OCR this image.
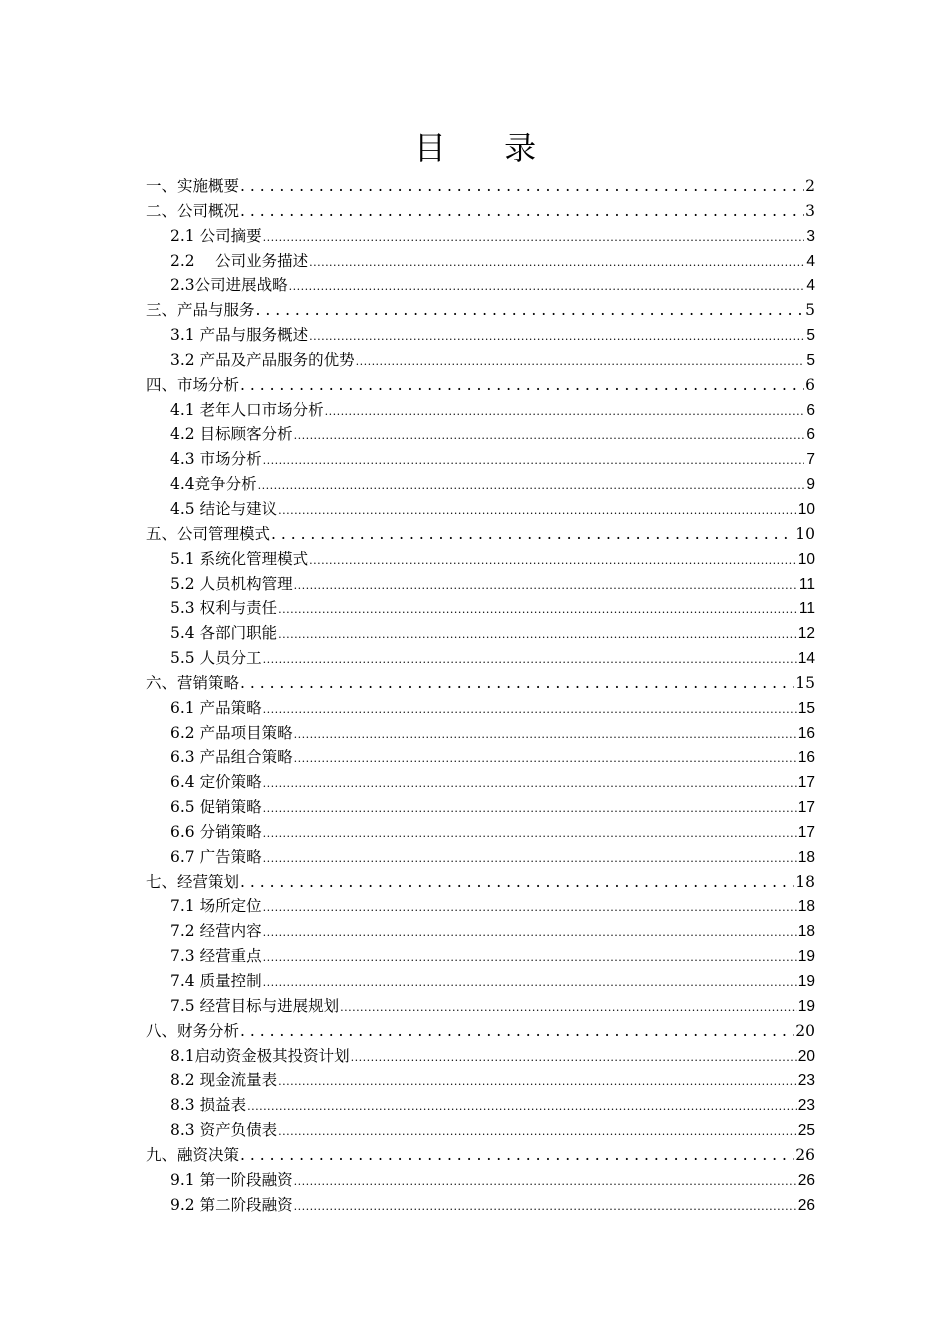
目 录
一、实施概要 . . .	2
二、公司概况 . . .	3
2.1 公司摘要 .....	3
2.2 　公司业务描述 .....	4
2.3公司进展战略 .....	4
三、产品与服务 . . .	5
3.1 产品与服务概述 .....	5
3.2 产品及产品服务的优势 .....	5
四、市场分析 . . .	6
4.1 老年人口市场分析 .....	6
4.2 目标顾客分析 .....	6
4.3 市场分析 .....	7
4.4竞争分析 .....	9
4.5 结论与建议 .....	10
五、公司管理模式 . . .	10
5.1 系统化管理模式 .....	10
5.2 人员机构管理 .....	11
5.3 权利与责任 .....	11
5.4 各部门职能 .....	12
5.5 人员分工 .....	14
六、营销策略 . . .	15
6.1 产品策略 .....	15
6.2 产品项目策略 .....	16
6.3 产品组合策略 .....	16
6.4 定价策略 .....	17
6.5 促销策略 .....	17
6.6 分销策略 .....	17
6.7 广告策略 .....	18
七、经营策划 . . .	18
7.1 场所定位 .....	18
7.2 经营内容 .....	18
7.3 经营重点 .....	19
7.4 质量控制 .....	19
7.5 经营目标与进展规划 .....	19
八、财务分析 . . .	20
8.1启动资金极其投资计划 .....	20
8.2 现金流量表 .....	23
8.3 损益表 .....	23
8.3 资产负债表 .....	25
九、融资决策 . . .	26
9.1 第一阶段融资 .....	26
9.2 第二阶段融资 .....	26
